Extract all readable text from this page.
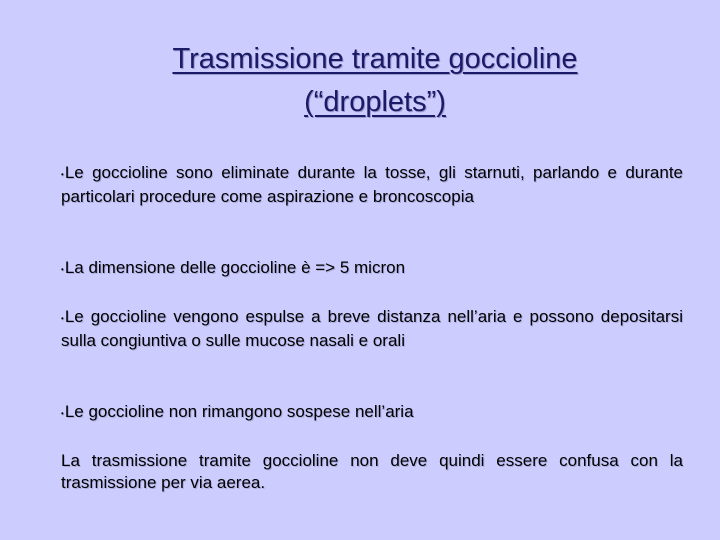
Trasmissione tramite goccioline
(“droplets”)
•Le goccioline sono eliminate durante la tosse, gli starnuti, parlando e durante particolari procedure come aspirazione e broncoscopia
•La dimensione delle goccioline è => 5 micron
•Le goccioline vengono espulse a breve distanza nell’aria e possono depositarsi sulla congiuntiva o sulle mucose nasali e orali
•Le goccioline non rimangono sospese nell’aria
La trasmissione tramite goccioline non deve quindi essere confusa con la trasmissione per via aerea.
